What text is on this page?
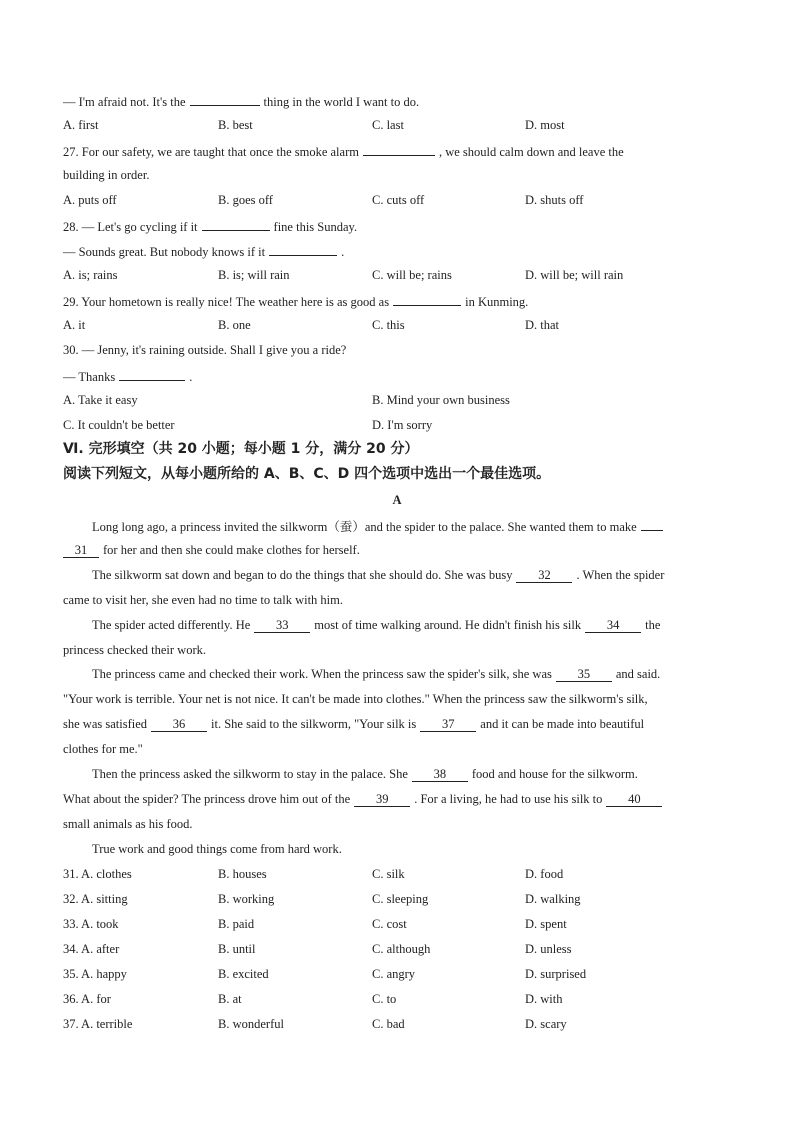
— I'm afraid not. It's the	thing in the world I want to do.
A. first	B. best	C. last	D. most
27. For our safety, we are taught that once the smoke alarm	, we should calm down and leave the
building in order.
A. puts off	B. goes off	C. cuts off	D. shuts off
28. — Let's go cycling if it	fine this Sunday.
— Sounds great. But nobody knows if it	.
A. is; rains	B. is; will rain	C. will be; rains	D. will be; will rain
29. Your hometown is really nice! The weather here is as good as	in Kunming.
A. it	B. one	C. this	D. that
30. — Jenny, it's raining outside. Shall I give you a ride?
— Thanks	.
A. Take it easy	B. Mind your own business
C. It couldn't be better	D. I'm sorry
Ⅵ. 完形填空（共 20 小题；每小题 1 分，满分 20 分）
阅读下列短文，从每小题所给的 A、B、C、D 四个选项中选出一个最佳选项。
A
Long long ago, a princess invited the silkworm（蚕）and the spider to the palace. She wanted them to make
31 for her and then she could make clothes for herself.
The silkworm sat down and began to do the things that she should do. She was busy 32 . When the spider
came to visit her, she even had no time to talk with him.
The spider acted differently. He 33 most of time walking around. He didn't finish his silk 34 the
princess checked their work.
The princess came and checked their work. When the princess saw the spider's silk, she was 35 and said.
"Your work is terrible. Your net is not nice. It can't be made into clothes." When the princess saw the silkworm's silk,
she was satisfied 36 it. She said to the silkworm, "Your silk is 37 and it can be made into beautiful
clothes for me."
Then the princess asked the silkworm to stay in the palace. She 38 food and house for the silkworm.
What about the spider? The princess drove him out of the 39 . For a living, he had to use his silk to 40
small animals as his food.
True work and good things come from hard work.
31. A. clothes	B. houses	C. silk	D. food
32. A. sitting	B. working	C. sleeping	D. walking
33. A. took	B. paid	C. cost	D. spent
34. A. after	B. until	C. although	D. unless
35. A. happy	B. excited	C. angry	D. surprised
36. A. for	B. at	C. to	D. with
37. A. terrible	B. wonderful	C. bad	D. scary
